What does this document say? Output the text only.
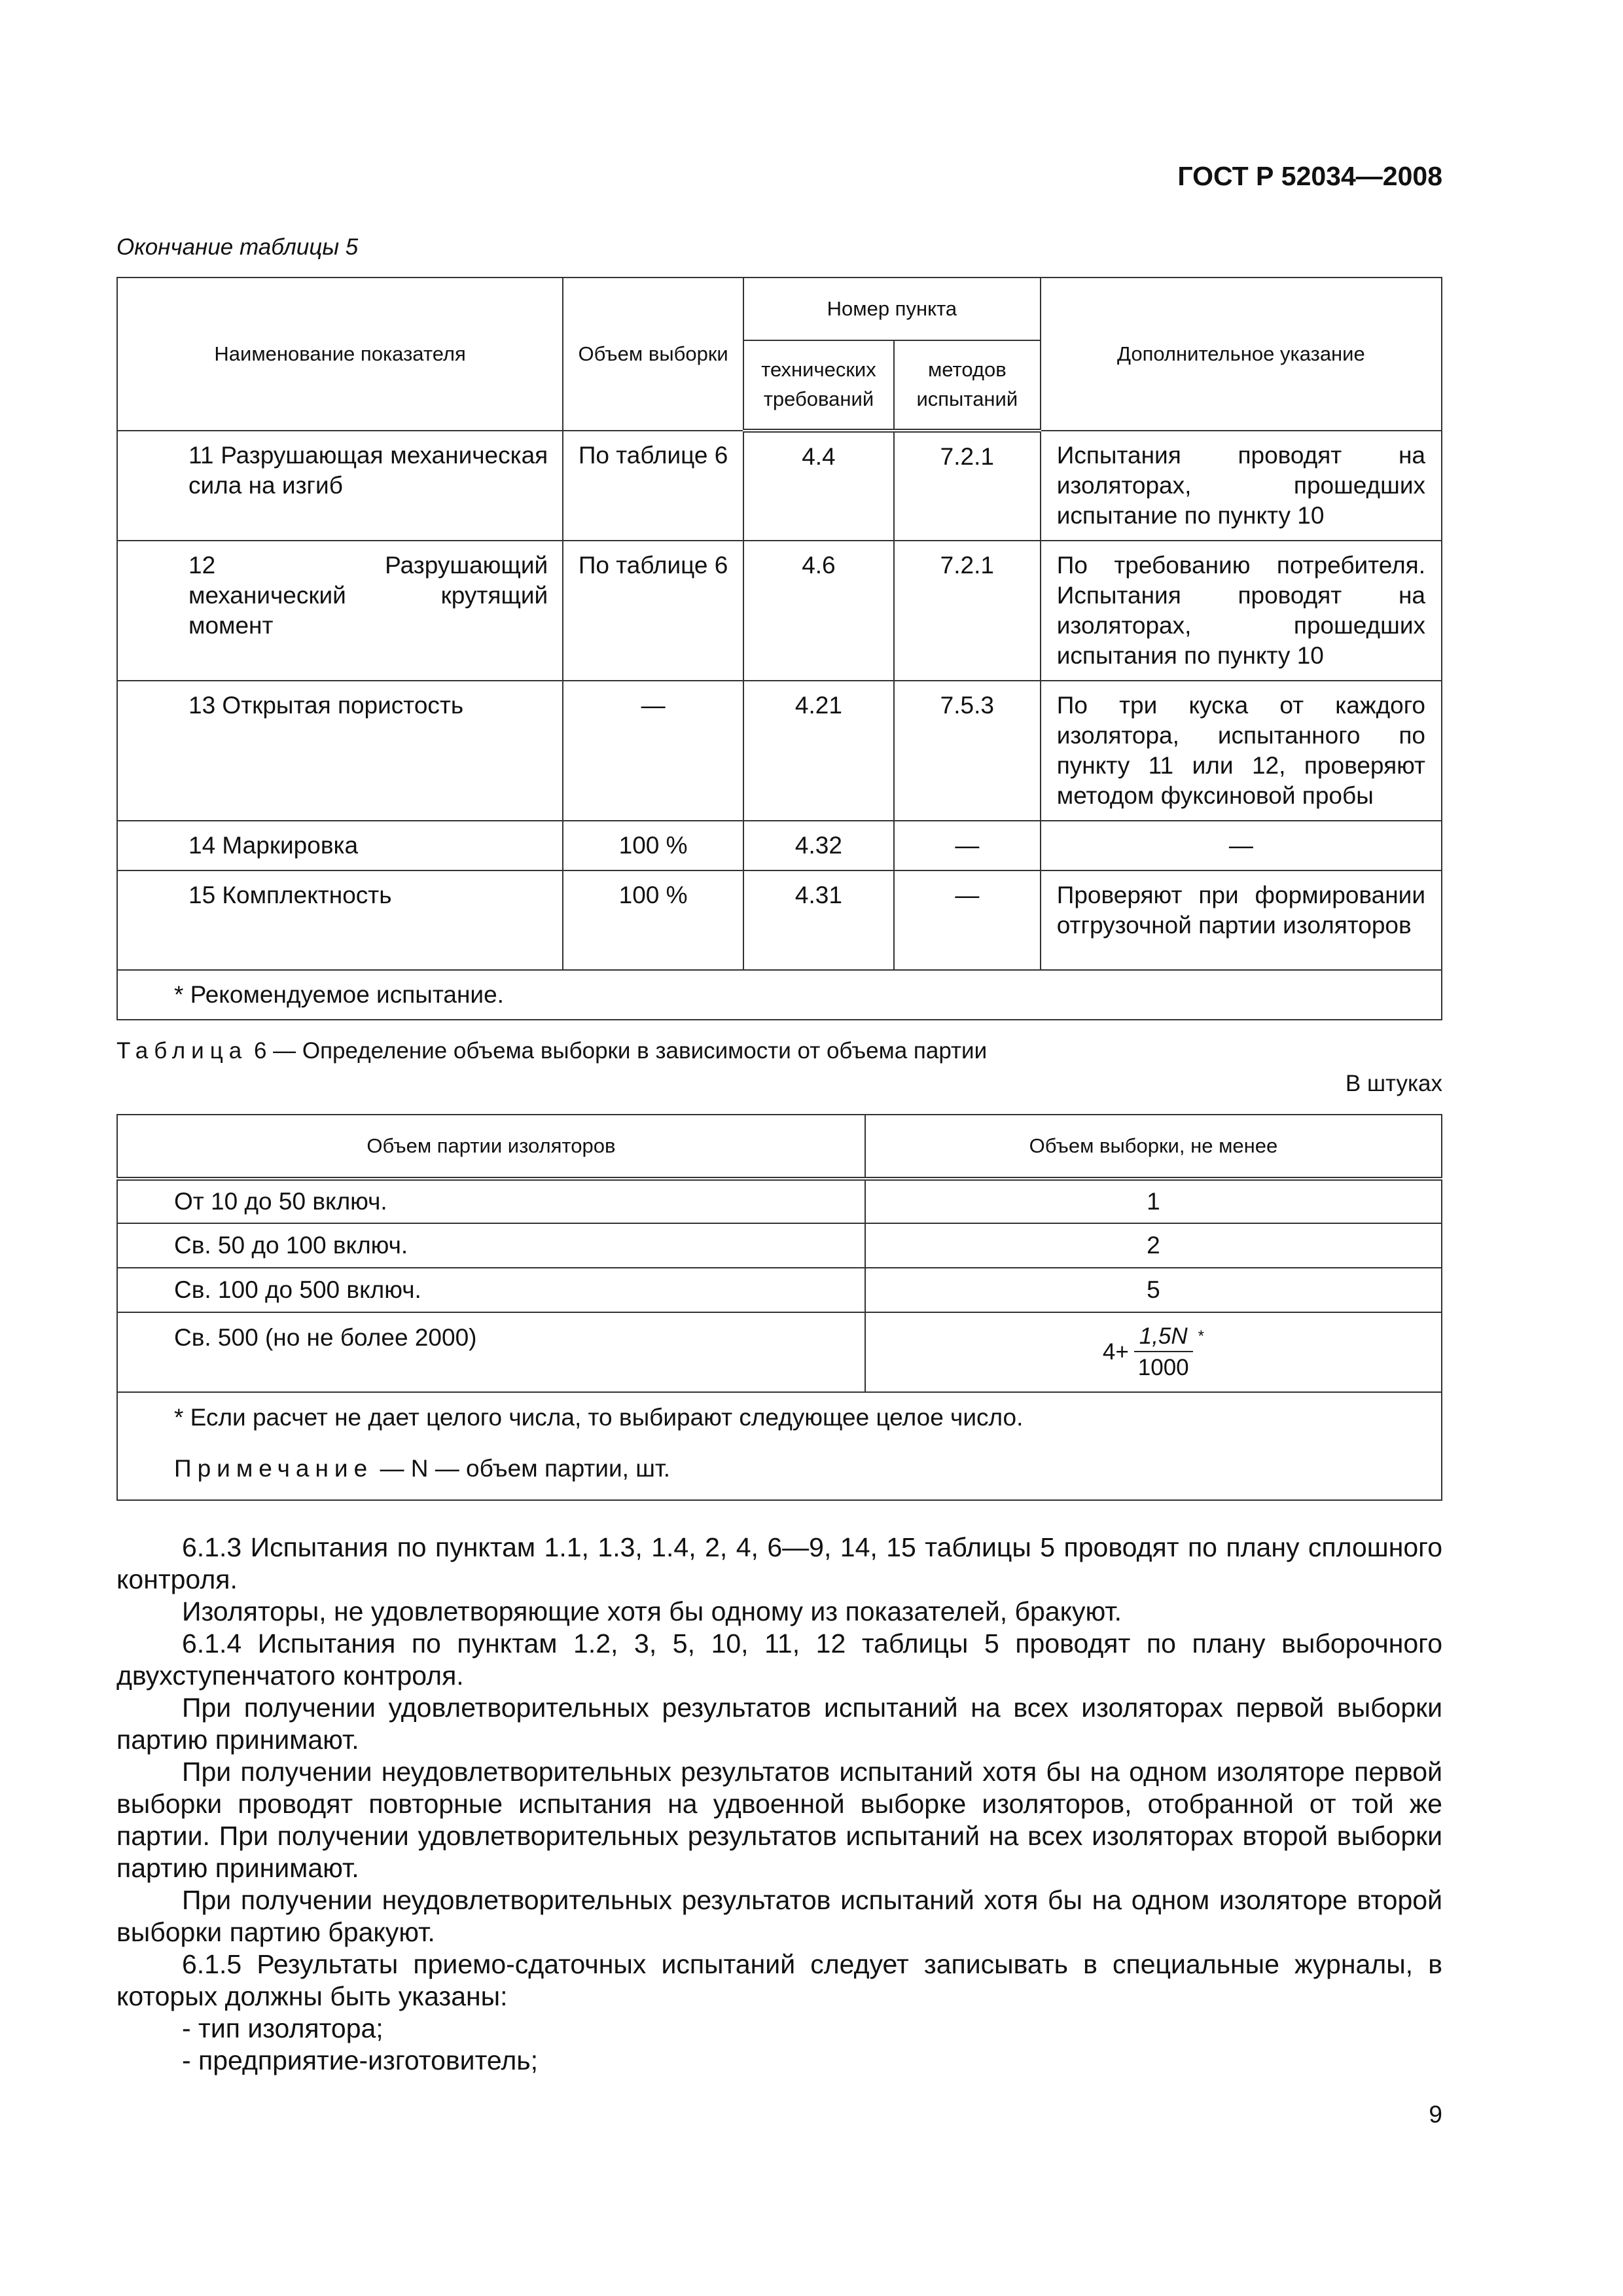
ГОСТ Р 52034—2008
Окончание таблицы 5
Наименование показателя	Объем выборки	Номер пункта		Дополнительное указание
		технических требований	методов испытаний	

11 Разрушающая механическая сила на изгиб	По таблице 6	4.4	7.2.1	Испытания проводят на изоляторах, прошедших испытание по пункту 10

12 Разрушающий механический крутящий момент	По таблице 6	4.6	7.2.1	По требованию потребителя. Испытания проводят на изоляторах, прошедших испытания по пункту 10

13 Открытая пористость	—	4.21	7.5.3	По три куска от каждого изолятора, испытанного по пункту 11 или 12, проверяют методом фуксиновой пробы

14 Маркировка	100 %	4.32	—	—

15 Комплектность	100 %	4.31	—	Проверяют при формировании отгрузочной партии изоляторов
* Рекомендуемое испытание.				
Таблица 6 — Определение объема выборки в зависимости от объема партии
В штуках
Объем партии изоляторов	Объем выборки, не менее
От 10 до 50 включ.	1
Св. 50 до 100 включ.	2
Св. 100 до 500 включ.	5
Св. 500 (но не более 2000)	$4+ \frac{1,5N}{1000} ^*$

* Если расчет не дает целого числа, то выбирают следующее целое число.
Примечание — N — объем партии, шт.	

6.1.3 Испытания по пунктам 1.1, 1.3, 1.4, 2, 4, 6—9, 14, 15 таблицы 5 проводят по плану сплошного контроля.

Изоляторы, не удовлетворяющие хотя бы одному из показателей, бракуют.

6.1.4 Испытания по пунктам 1.2, 3, 5, 10, 11, 12 таблицы 5 проводят по плану выборочного двухступенчатого контроля.

При получении удовлетворительных результатов испытаний на всех изоляторах первой выборки партию принимают.

При получении неудовлетворительных результатов испытаний хотя бы на одном изоляторе первой выборки проводят повторные испытания на удвоенной выборке изоляторов, отобранной от той же партии. При получении удовлетворительных результатов испытаний на всех изоляторах второй выборки партию принимают.

При получении неудовлетворительных результатов испытаний хотя бы на одном изоляторе второй выборки партию бракуют.

6.1.5 Результаты приемо-сдаточных испытаний следует записывать в специальные журналы, в которых должны быть указаны:

- тип изолятора;

- предприятие-изготовитель;

9
